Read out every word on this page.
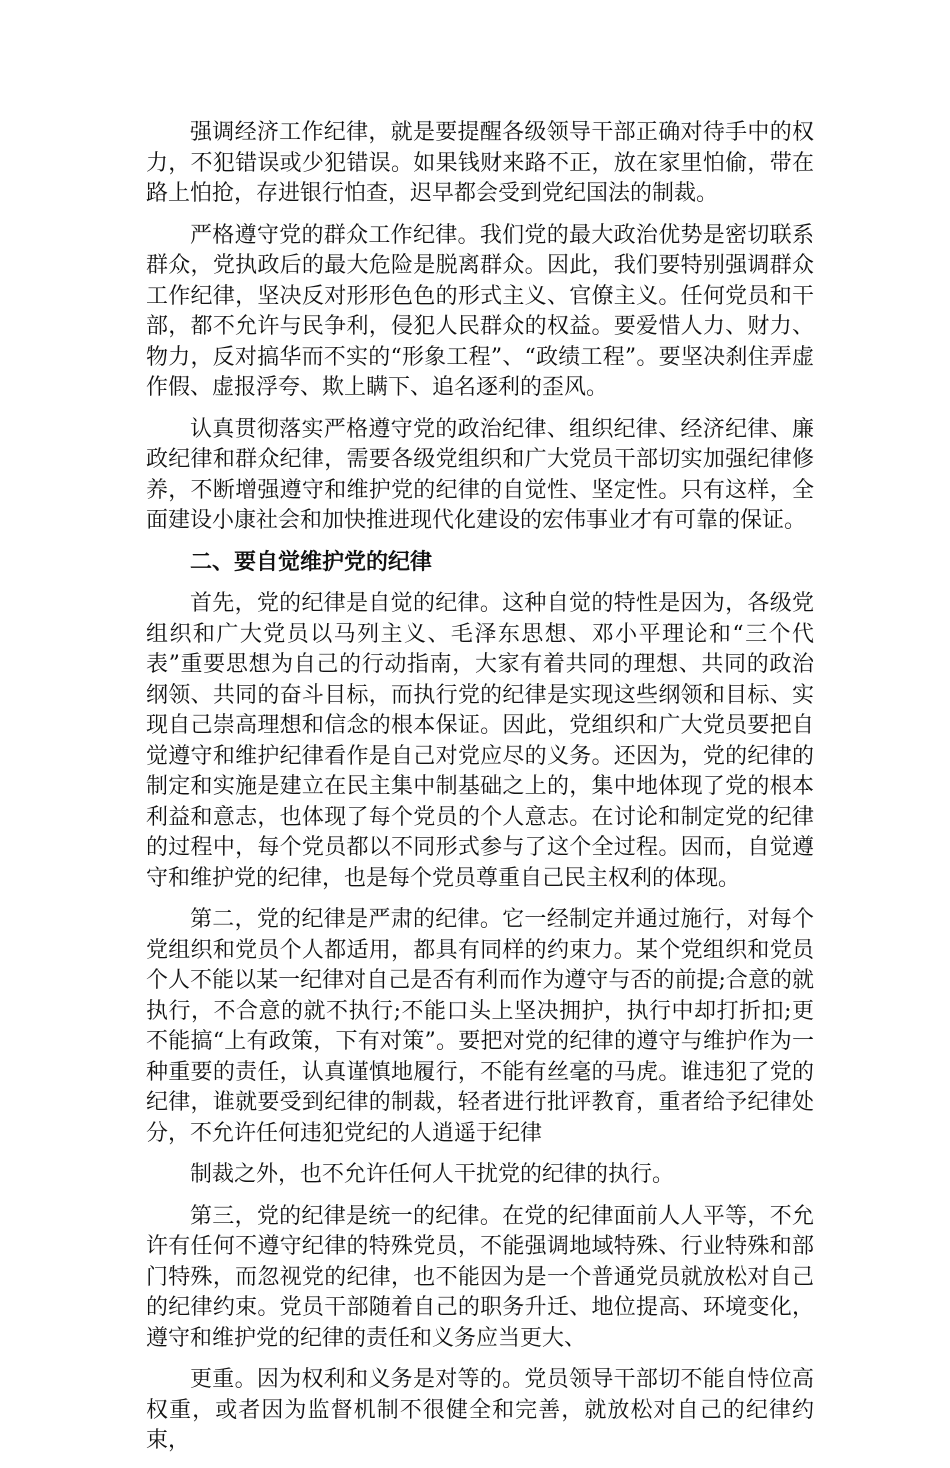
强调经济工作纪律，就是要提醒各级领导干部正确对待手中的权力，不犯错误或少犯错误。如果钱财来路不正，放在家里怕偷，带在路上怕抢，存进银行怕查，迟早都会受到党纪国法的制裁。

严格遵守党的群众工作纪律。我们党的最大政治优势是密切联系群众，党执政后的最大危险是脱离群众。因此，我们要特别强调群众工作纪律，坚决反对形形色色的形式主义、官僚主义。任何党员和干部，都不允许与民争利，侵犯人民群众的权益。要爱惜人力、财力、物力，反对搞华而不实的“形象工程”、“政绩工程”。要坚决刹住弄虚作假、虚报浮夸、欺上瞒下、追名逐利的歪风。

认真贯彻落实严格遵守党的政治纪律、组织纪律、经济纪律、廉政纪律和群众纪律，需要各级党组织和广大党员干部切实加强纪律修养，不断增强遵守和维护党的纪律的自觉性、坚定性。只有这样，全面建设小康社会和加快推进现代化建设的宏伟事业才有可靠的保证。

二、要自觉维护党的纪律

首先，党的纪律是自觉的纪律。这种自觉的特性是因为，各级党组织和广大党员以马列主义、毛泽东思想、邓小平理论和“三个代表”重要思想为自己的行动指南，大家有着共同的理想、共同的政治纲领、共同的奋斗目标，而执行党的纪律是实现这些纲领和目标、实现自己崇高理想和信念的根本保证。因此，党组织和广大党员要把自觉遵守和维护纪律看作是自己对党应尽的义务。还因为，党的纪律的制定和实施是建立在民主集中制基础之上的，集中地体现了党的根本利益和意志，也体现了每个党员的个人意志。在讨论和制定党的纪律的过程中，每个党员都以不同形式参与了这个全过程。因而，自觉遵守和维护党的纪律，也是每个党员尊重自己民主权利的体现。

第二，党的纪律是严肃的纪律。它一经制定并通过施行，对每个党组织和党员个人都适用，都具有同样的约束力。某个党组织和党员个人不能以某一纪律对自己是否有利而作为遵守与否的前提;合意的就执行，不合意的就不执行;不能口头上坚决拥护，执行中却打折扣;更不能搞“上有政策，下有对策”。要把对党的纪律的遵守与维护作为一种重要的责任，认真谨慎地履行，不能有丝毫的马虎。谁违犯了党的纪律，谁就要受到纪律的制裁，轻者进行批评教育，重者给予纪律处分，不允许任何违犯党纪的人逍遥于纪律

制裁之外，也不允许任何人干扰党的纪律的执行。

第三，党的纪律是统一的纪律。在党的纪律面前人人平等，不允许有任何不遵守纪律的特殊党员，不能强调地域特殊、行业特殊和部门特殊，而忽视党的纪律，也不能因为是一个普通党员就放松对自己的纪律约束。党员干部随着自己的职务升迁、地位提高、环境变化，遵守和维护党的纪律的责任和义务应当更大、

更重。因为权利和义务是对等的。党员领导干部切不能自恃位高权重，或者因为监督机制不很健全和完善，就放松对自己的纪律约束，
